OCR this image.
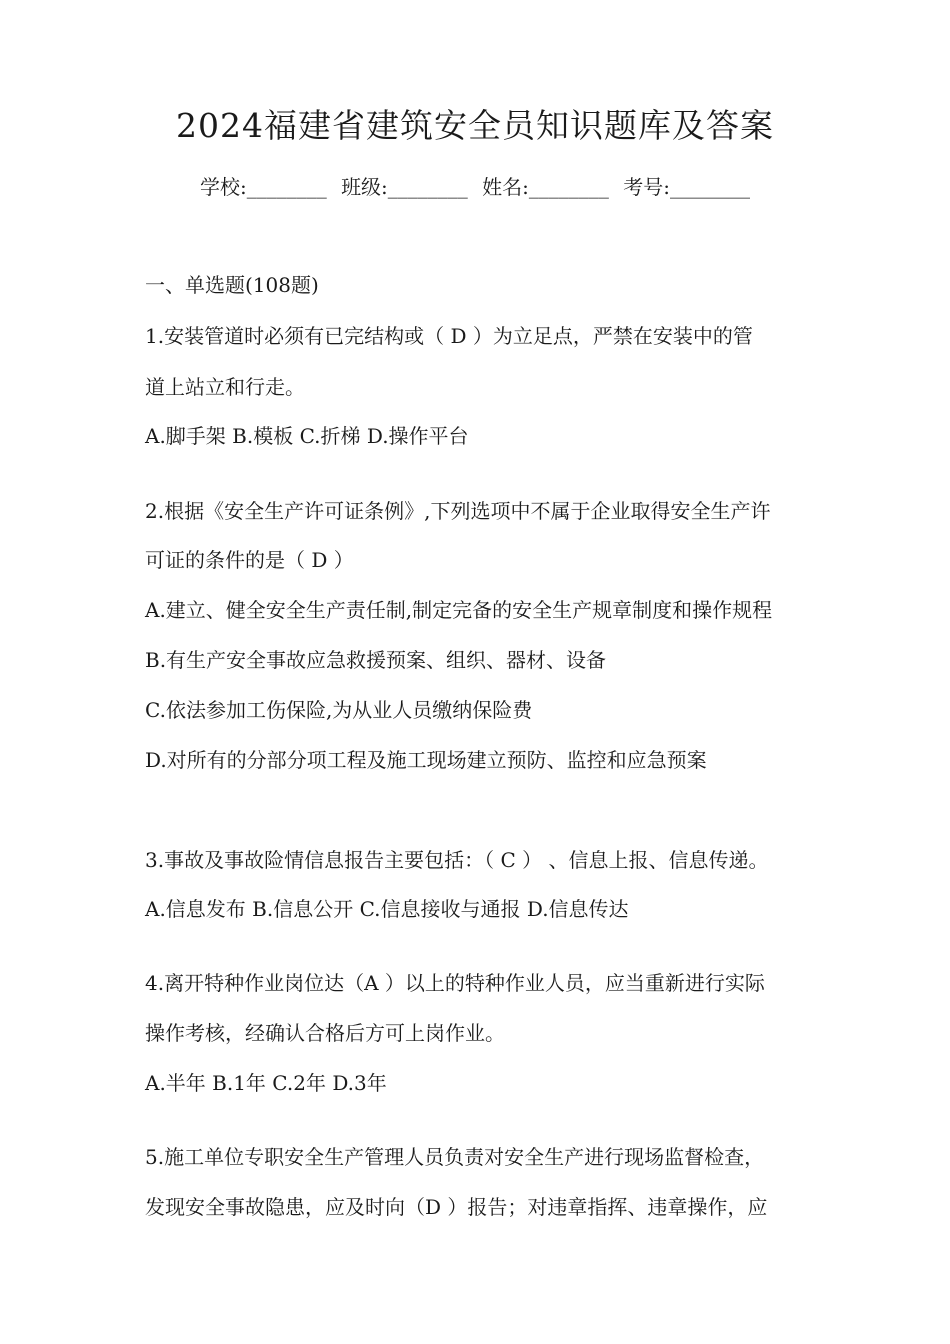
2024福建省建筑安全员知识题库及答案
学校:________ 班级:________ 姓名:________ 考号:________
一、单选题(108题)
1.安装管道时必须有已完结构或（ D ）为立足点，严禁在安装中的管
道上站立和行走。
A.脚手架 B.模板 C.折梯 D.操作平台
2.根据《安全生产许可证条例》,下列选项中不属于企业取得安全生产许
可证的条件的是（ D ）
A.建立、健全安全生产责任制,制定完备的安全生产规章制度和操作规程
B.有生产安全事故应急救援预案、组织、器材、设备
C.依法参加工伤保险,为从业人员缴纳保险费
D.对所有的分部分项工程及施工现场建立预防、监控和应急预案
3.事故及事故险情信息报告主要包括：（ C ） 、信息上报、信息传递。
A.信息发布 B.信息公开 C.信息接收与通报 D.信息传达
4.离开特种作业岗位达（A ）以上的特种作业人员，应当重新进行实际
操作考核，经确认合格后方可上岗作业。
A.半年 B.1年 C.2年 D.3年
5.施工单位专职安全生产管理人员负责对安全生产进行现场监督检查，
发现安全事故隐患，应及时向（D ）报告；对违章指挥、违章操作，应
